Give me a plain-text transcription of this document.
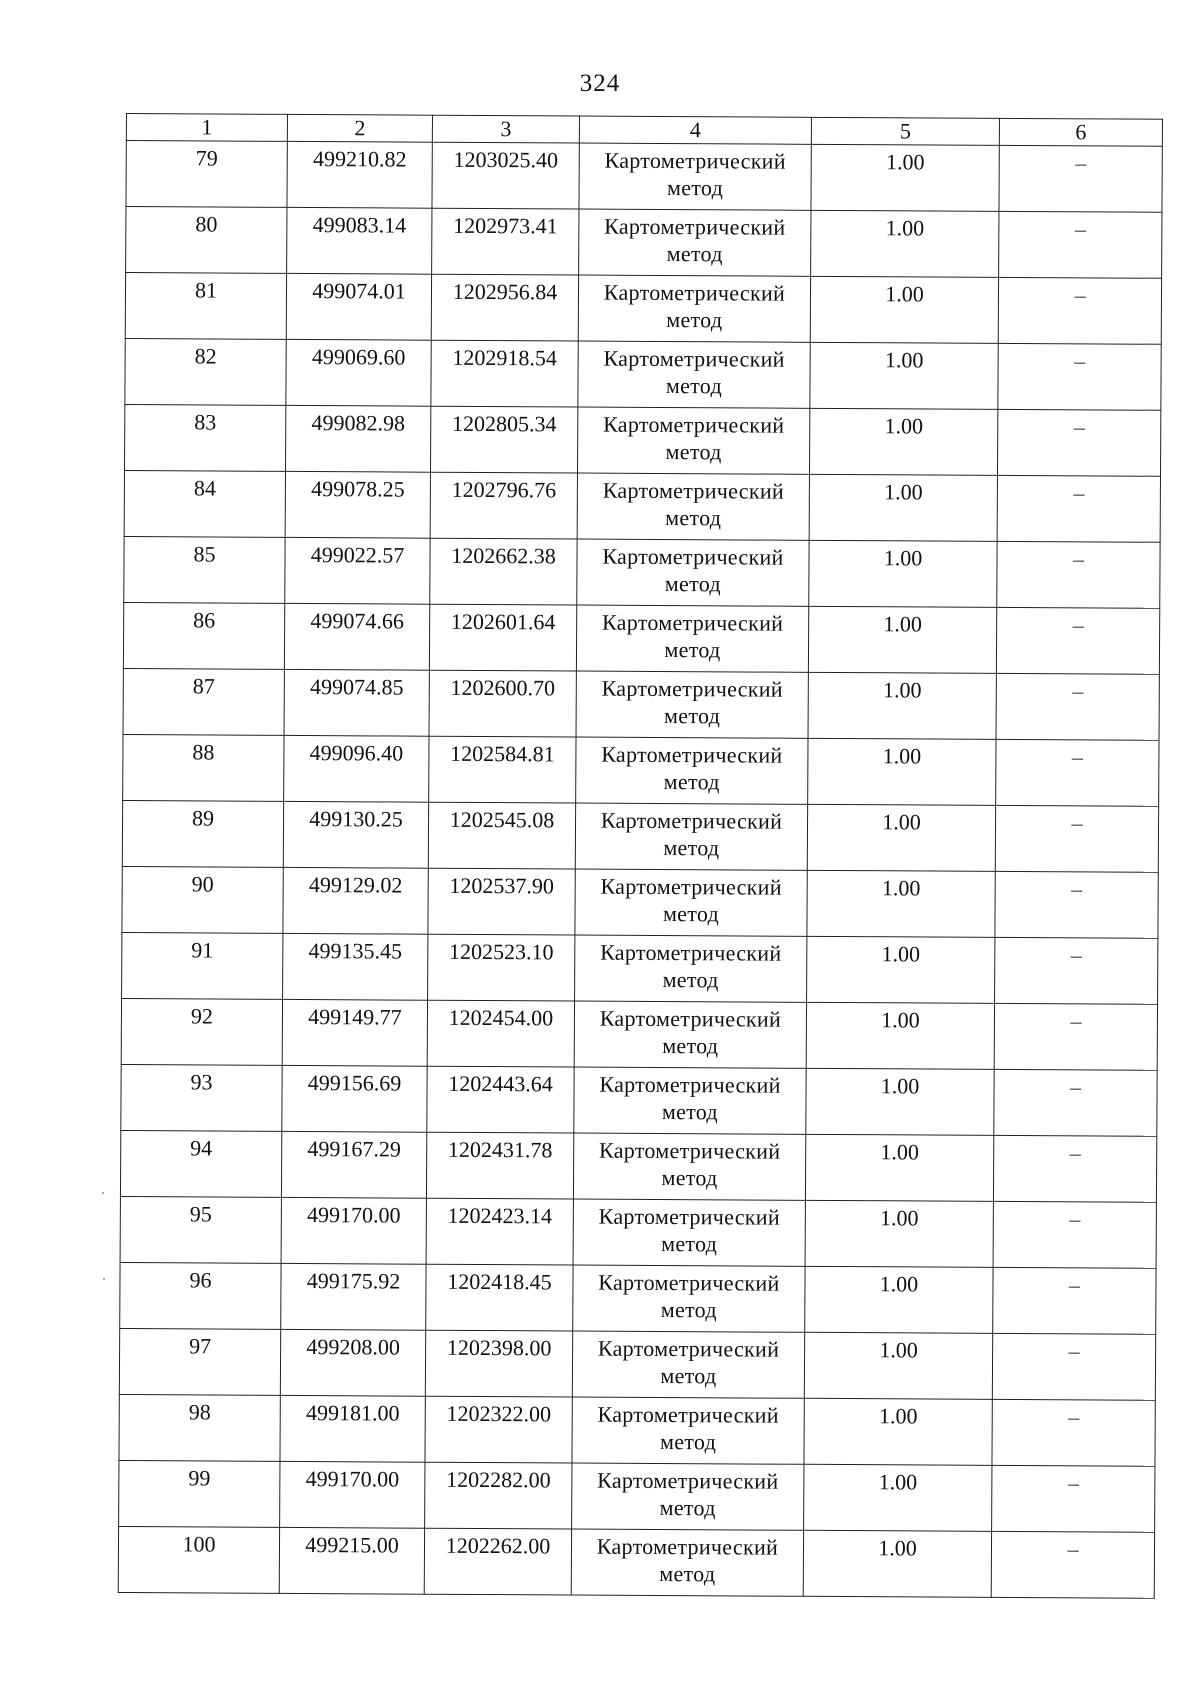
324
1	2	3	4	5	6
79	499210.82	1203025.40	Картометрический метод	1.00	–
80	499083.14	1202973.41	Картометрический метод	1.00	–
81	499074.01	1202956.84	Картометрический метод	1.00	–
82	499069.60	1202918.54	Картометрический метод	1.00	–
83	499082.98	1202805.34	Картометрический метод	1.00	–
84	499078.25	1202796.76	Картометрический метод	1.00	–
85	499022.57	1202662.38	Картометрический метод	1.00	–
86	499074.66	1202601.64	Картометрический метод	1.00	–
87	499074.85	1202600.70	Картометрический метод	1.00	–
88	499096.40	1202584.81	Картометрический метод	1.00	–
89	499130.25	1202545.08	Картометрический метод	1.00	–
90	499129.02	1202537.90	Картометрический метод	1.00	–
91	499135.45	1202523.10	Картометрический метод	1.00	–
92	499149.77	1202454.00	Картометрический метод	1.00	–
93	499156.69	1202443.64	Картометрический метод	1.00	–
94	499167.29	1202431.78	Картометрический метод	1.00	–
95	499170.00	1202423.14	Картометрический метод	1.00	–
96	499175.92	1202418.45	Картометрический метод	1.00	–
97	499208.00	1202398.00	Картометрический метод	1.00	–
98	499181.00	1202322.00	Картометрический метод	1.00	–
99	499170.00	1202282.00	Картометрический метод	1.00	–
100	499215.00	1202262.00	Картометрический метод	1.00	–
